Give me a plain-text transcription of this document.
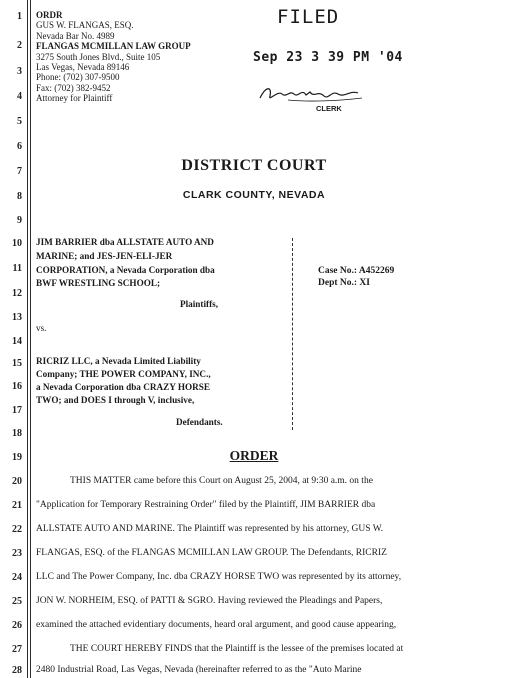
1
2
3
4
5
6
7
8
9
10
11
12
13
14
15
16
17
18
19
20
21
22
23
24
25
26
27
28
ORDR
GUS W. FLANGAS, ESQ.
Nevada Bar No. 4989
FLANGAS MCMILLAN LAW GROUP
3275 South Jones Blvd., Suite 105
Las Vegas, Nevada 89146
Phone: (702) 307-9500
Fax: (702) 382-9452
Attorney for Plaintiff
FILED
Sep 23 3 39 PM '04
CLERK
DISTRICT COURT
CLARK COUNTY, NEVADA
JIM BARRIER dba ALLSTATE AUTO AND
MARINE; and JES-JEN-ELI-JER
CORPORATION, a Nevada Corporation dba
BWF WRESTLING SCHOOL;
Plaintiffs,
vs.
RICRIZ LLC, a Nevada Limited Liability
Company; THE POWER COMPANY, INC.,
a Nevada Corporation dba CRAZY HORSE
TWO; and DOES I through V, inclusive,
Defendants.
Case No.: A452269
Dept No.: XI
ORDER
THIS MATTER came before this Court on August 25, 2004, at 9:30 a.m. on the
"Application for Temporary Restraining Order" filed by the Plaintiff, JIM BARRIER dba
ALLSTATE AUTO AND MARINE. The Plaintiff was represented by his attorney, GUS W.
FLANGAS, ESQ. of the FLANGAS MCMILLAN LAW GROUP. The Defendants, RICRIZ
LLC and The Power Company, Inc. dba CRAZY HORSE TWO was represented by its attorney,
JON W. NORHEIM, ESQ. of PATTI & SGRO. Having reviewed the Pleadings and Papers,
examined the attached evidentiary documents, heard oral argument, and good cause appearing,
THE COURT HEREBY FINDS that the Plaintiff is the lessee of the premises located at
2480 Industrial Road, Las Vegas, Nevada (hereinafter referred to as the "Auto Marine
